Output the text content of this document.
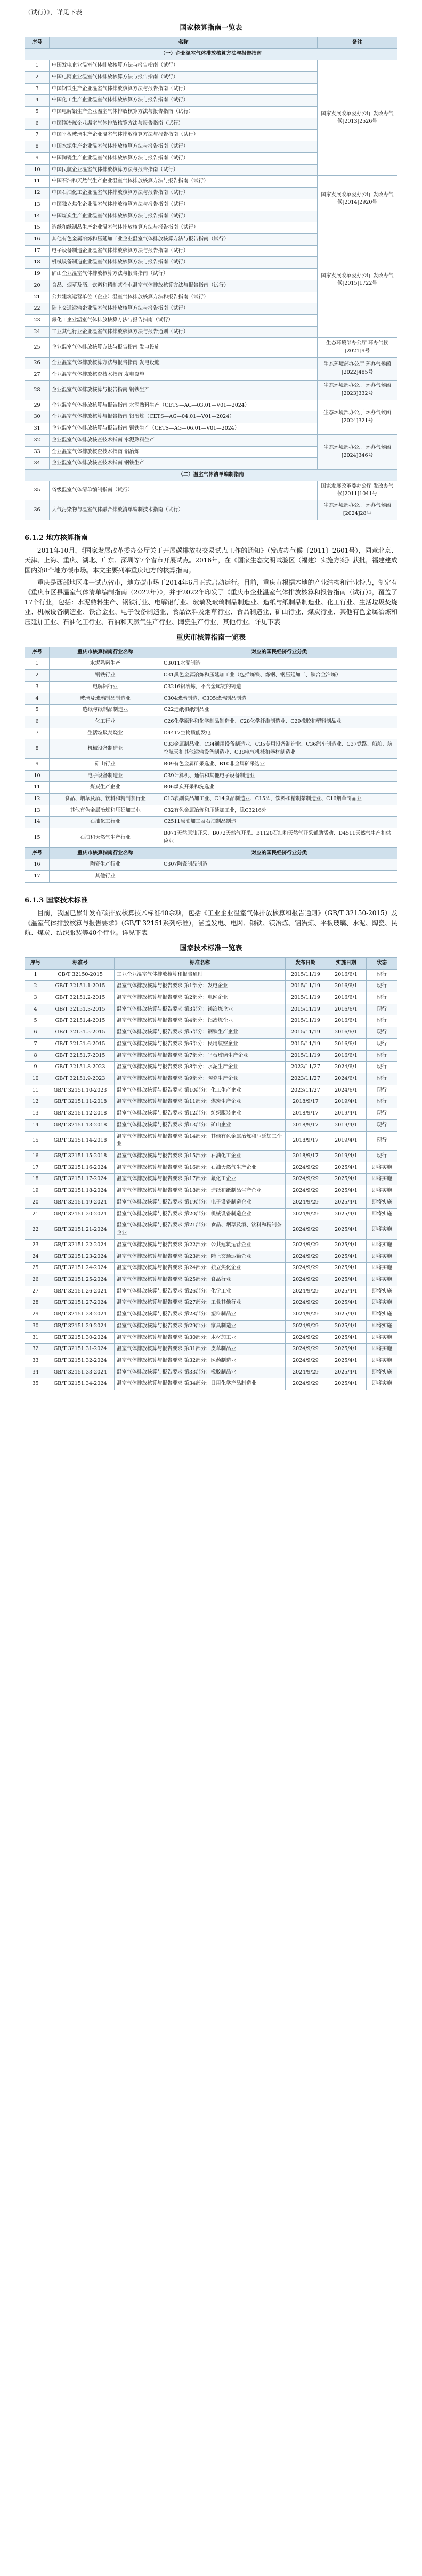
（试行）》，详见下表

国家核算指南一览表
序号	名称	备注
（一）企业温室气体排放核算方法与报告指南		
1	中国发电企业温室气体排放核算方法与报告指南（试行）	国家发展改革委办公厅 发改办气候[2013]2526号
2	中国电网企业温室气体排放核算方法与报告指南（试行）	
3	中国钢铁生产企业温室气体排放核算方法与报告指南（试行）	
4	中国化工生产企业温室气体排放核算方法与报告指南（试行）	
5	中国电解铝生产企业温室气体排放核算方法与报告指南（试行）	
6	中国镁冶炼企业温室气体排放核算方法与报告指南（试行）	
7	中国平板玻璃生产企业温室气体排放核算方法与报告指南（试行）	
8	中国水泥生产企业温室气体排放核算方法与报告指南（试行）	
9	中国陶瓷生产企业温室气体排放核算方法与报告指南（试行）	
10	中国民航企业温室气体排放核算方法与报告指南（试行）	
11	中国石油和天然气生产企业温室气体排放核算方法与报告指南（试行）	国家发展改革委办公厅 发改办气候[2014]2920号
12	中国石油化工企业温室气体排放核算方法与报告指南（试行）	
13	中国独立焦化企业温室气体排放核算方法与报告指南（试行）	
14	中国煤炭生产企业温室气体排放核算方法与报告指南（试行）	
15	造纸和纸制品生产企业温室气体排放核算方法与报告指南（试行）	国家发展改革委办公厅 发改办气候[2015]1722号
16	其他有色金属冶炼和压延加工业企业温室气体排放核算方法与报告指南（试行）	
17	电子设备制造企业温室气体排放核算方法与报告指南（试行）	
18	机械设备制造企业温室气体排放核算方法与报告指南（试行）	
19	矿山企业温室气体排放核算方法与报告指南（试行）	
20	食品、烟草及酒、饮料和精制茶企业温室气体排放核算方法与报告指南（试行）	
21	公共建筑运营单位（企业）温室气体排放核算方法和报告指南（试行）	
22	陆上交通运输企业温室气体排放核算方法与报告指南（试行）	
23	氟化工企业温室气体排放核算方法与报告指南（试行）	
24	工业其他行业企业温室气体排放核算方法与报告通则（试行）	
25	企业温室气体排放核算方法与报告指南 发电设施	生态环境部办公厅 环办气候[2021]9号
26	企业温室气体排放核算方法与报告指南 发电设施	生态环境部办公厅 环办气候函[2022]485号
27	企业温室气体排放核查技术指南 发电设施	
28	企业温室气体排放核算与报告指南 钢铁生产	生态环境部办公厅 环办气候函[2023]332号
29	企业温室气体排放核算与报告指南 水泥熟料生产（CETS—AG—03.01—V01—2024）	生态环境部办公厅 环办气候函[2024]321号
30	企业温室气体排放核算与报告指南 铝冶炼（CETS—AG—04.01—V01—2024）	
31	企业温室气体排放核算与报告指南 钢铁生产（CETS—AG—06.01—V01—2024）	
32	企业温室气体排放核查技术指南 水泥熟料生产	生态环境部办公厅 环办气候函[2024]346号
33	企业温室气体排放核查技术指南 铝冶炼	
34	企业温室气体排放核查技术指南 钢铁生产	
（二）温室气体清单编制指南		
35	省级温室气体清单编制指南（试行）	国家发展改革委办公厅 发改办气候[2011]1041号
36	大气污染物与温室气体融合排放清单编制技术指南（试行）	生态环境部办公厅 环办气候函[2024]28号
6.1.2 地方核算指南

2011年10月，《国家发展改革委办公厅关于开展碳排放权交易试点工作的通知》（发改办气候〔2011〕2601号），同意北京、天津、上海、重庆、湖北、广东、深圳等7个省市开展试点。2016年，在《国家生态文明试验区（福建）实施方案》获批，福建建成国内第8个地方碳市场。本文主要列举重庆地方的核算指南。

重庆是西部地区唯一试点省市，地方碳市场于2014年6月正式启动运行。目前，重庆市根据本地的产业结构和行业特点，制定有《重庆市区县温室气体清单编制指南（2022年）》，并于2022年印发了《重庆市企业温室气体排放核算和报告指南（试行）》，覆盖了17个行业，包括：水泥熟料生产、钢铁行业、电解铝行业、玻璃及玻璃制品制造业、造纸与纸制品制造业、化工行业、生活垃圾焚烧业、机械设备制造业、铁合金业、电子设备制造业、食品饮料及烟草行业、食品制造业、矿山行业、煤炭行业、其他有色金属冶炼和压延加工业、石油化工行业、石油和天然气生产行业、陶瓷生产行业，其他行业。详见下表

重庆市核算指南一览表
序号	重庆市核算指南行业名称	对应的国民经济行业分类
1	水泥熟料生产	C3011水泥制造
2	钢铁行业	C31黑色金属冶炼和压延加工业（包括炼铁、炼钢、钢压延加工、铁合金冶炼）
3	电解铝行业	C3216铝冶炼，不含金属锭的铸造
4	玻璃及玻璃制品制造业	C304玻璃制造，C305玻璃制品制造
5	造纸与纸制品制造业	C22造纸和纸制品业
6	化工行业	C26化学原料和化学制品制造业、C28化学纤维制造业、C29橡胶和塑料制品业
7	生活垃圾焚烧业	D4417生物质能发电
8	机械设备制造业	C33金属制品业、C34通用设备制造业、C35专用设备制造业、C36汽车制造业、C37铁路、船舶、航空航天和其他运输设备制造业、C38电气机械和器材制造业
9	矿山行业	B09有色金属矿采选业、B10非金属矿采选业
10	电子设备制造业	C39计算机、通信和其他电子设备制造业
11	煤炭生产企业	B06煤炭开采和洗选业
12	食品、烟草及酒、饮料和精制茶行业	C13农副食品加工业、C14食品制造业、C15酒、饮料和精制茶制造业、C16烟草制品业
13	其他有色金属冶炼和压延加工业	C32有色金属冶炼和压延加工业，除C3216外
14	石油化工行业	C2511原油加工及石油制品制造
15	石油和天然气生产行业	B071天然原油开采、B072天然气开采、B1120石油和天然气开采辅助活动、D4511天然气生产和供应业
序号	重庆市核算指南行业名称	对应的国民经济行业分类
16	陶瓷生产行业	C307陶瓷制品制造
17	其他行业	—
6.1.3 国家技术标准

目前，我国已累计发布碳排放核算技术标准40余项，包括《工业企业温室气体排放核算和报告通则》（GB/T 32150-2015）及《温室气体排放核算与报告要求》（GB/T 32151系列标准），涵盖发电、电网、钢铁、镁冶炼、铝冶炼、平板玻璃、水泥、陶瓷、民航、煤炭、纺织服装等40个行业。详见下表

国家技术标准一览表
序号	标准号	标准名称	发布日期	实施日期	状态
1	GB/T 32150-2015	工业企业温室气体排放核算和报告通则	2015/11/19	2016/6/1	现行
2	GB/T 32151.1-2015	温室气体排放核算与报告要求 第1部分：发电企业	2015/11/19	2016/6/1	现行
3	GB/T 32151.2-2015	温室气体排放核算与报告要求 第2部分：电网企业	2015/11/19	2016/6/1	现行
4	GB/T 32151.3-2015	温室气体排放核算与报告要求 第3部分：镁冶炼企业	2015/11/19	2016/6/1	现行
5	GB/T 32151.4-2015	温室气体排放核算与报告要求 第4部分：铝冶炼企业	2015/11/19	2016/6/1	现行
6	GB/T 32151.5-2015	温室气体排放核算与报告要求 第5部分：钢铁生产企业	2015/11/19	2016/6/1	现行
7	GB/T 32151.6-2015	温室气体排放核算与报告要求 第6部分：民用航空企业	2015/11/19	2016/6/1	现行
8	GB/T 32151.7-2015	温室气体排放核算与报告要求 第7部分：平板玻璃生产企业	2015/11/19	2016/6/1	现行
9	GB/T 32151.8-2023	温室气体排放核算与报告要求 第8部分：水泥生产企业	2023/11/27	2024/6/1	现行
10	GB/T 32151.9-2023	温室气体排放核算与报告要求 第9部分：陶瓷生产企业	2023/11/27	2024/6/1	现行
11	GB/T 32151.10-2023	温室气体排放核算与报告要求 第10部分：化工生产企业	2023/11/27	2024/6/1	现行
12	GB/T 32151.11-2018	温室气体排放核算与报告要求 第11部分：煤炭生产企业	2018/9/17	2019/4/1	现行
13	GB/T 32151.12-2018	温室气体排放核算与报告要求 第12部分：纺织服装企业	2018/9/17	2019/4/1	现行
14	GB/T 32151.13-2018	温室气体排放核算与报告要求 第13部分：矿山企业	2018/9/17	2019/4/1	现行
15	GB/T 32151.14-2018	温室气体排放核算与报告要求 第14部分：其他有色金属冶炼和压延加工企业	2018/9/17	2019/4/1	现行
16	GB/T 32151.15-2018	温室气体排放核算与报告要求 第15部分：石油化工企业	2018/9/17	2019/4/1	现行
17	GB/T 32151.16-2024	温室气体排放核算与报告要求 第16部分：石油天然气生产企业	2024/9/29	2025/4/1	即将实施
18	GB/T 32151.17-2024	温室气体排放核算与报告要求 第17部分：氟化工企业	2024/9/29	2025/4/1	即将实施
19	GB/T 32151.18-2024	温室气体排放核算与报告要求 第18部分：造纸和纸制品生产企业	2024/9/29	2025/4/1	即将实施
20	GB/T 32151.19-2024	温室气体排放核算与报告要求 第19部分：电子设备制造企业	2024/9/29	2025/4/1	即将实施
21	GB/T 32151.20-2024	温室气体排放核算与报告要求 第20部分：机械设备制造企业	2024/9/29	2025/4/1	即将实施
22	GB/T 32151.21-2024	温室气体排放核算与报告要求 第21部分：食品、烟草及酒、饮料和精制茶企业	2024/9/29	2025/4/1	即将实施
23	GB/T 32151.22-2024	温室气体排放核算与报告要求 第22部分：公共建筑运营企业	2024/9/29	2025/4/1	即将实施
24	GB/T 32151.23-2024	温室气体排放核算与报告要求 第23部分：陆上交通运输企业	2024/9/29	2025/4/1	即将实施
25	GB/T 32151.24-2024	温室气体排放核算与报告要求 第24部分：独立焦化企业	2024/9/29	2025/4/1	即将实施
26	GB/T 32151.25-2024	温室气体排放核算与报告要求 第25部分：食品行业	2024/9/29	2025/4/1	即将实施
27	GB/T 32151.26-2024	温室气体排放核算与报告要求 第26部分：化学工业	2024/9/29	2025/4/1	即将实施
28	GB/T 32151.27-2024	温室气体排放核算与报告要求 第27部分：工业其他行业	2024/9/29	2025/4/1	即将实施
29	GB/T 32151.28-2024	温室气体排放核算与报告要求 第28部分：塑料制品业	2024/9/29	2025/4/1	即将实施
30	GB/T 32151.29-2024	温室气体排放核算与报告要求 第29部分：家具制造业	2024/9/29	2025/4/1	即将实施
31	GB/T 32151.30-2024	温室气体排放核算与报告要求 第30部分：木材加工业	2024/9/29	2025/4/1	即将实施
32	GB/T 32151.31-2024	温室气体排放核算与报告要求 第31部分：皮革制品业	2024/9/29	2025/4/1	即将实施
33	GB/T 32151.32-2024	温室气体排放核算与报告要求 第32部分：医药制造业	2024/9/29	2025/4/1	即将实施
34	GB/T 32151.33-2024	温室气体排放核算与报告要求 第33部分：橡胶制品业	2024/9/29	2025/4/1	即将实施
35	GB/T 32151.34-2024	温室气体排放核算与报告要求 第34部分：日用化学产品制造业	2024/9/29	2025/4/1	即将实施
